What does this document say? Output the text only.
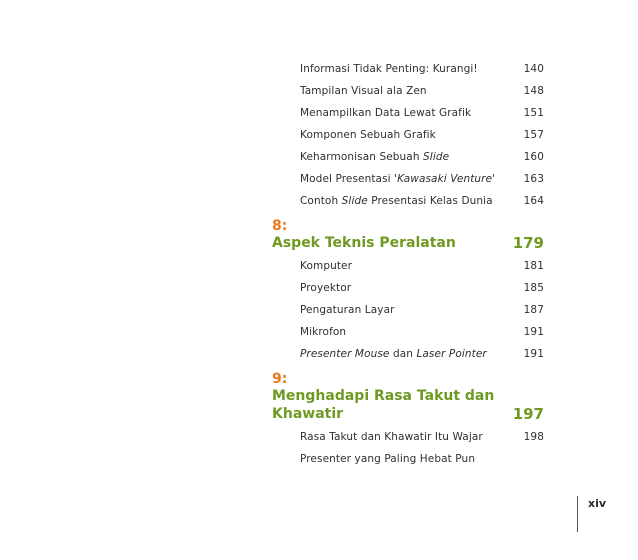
Informasi Tidak Penting: Kurangi!	140
Tampilan Visual ala Zen	148
Menampilkan Data Lewat Grafik	151
Komponen Sebuah Grafik	157
Keharmonisan Sebuah Slide	160
Model Presentasi 'Kawasaki Venture'	163
Contoh Slide Presentasi Kelas Dunia	164
8:
Aspek Teknis Peralatan	179
Komputer	181
Proyektor	185
Pengaturan Layar	187
Mikrofon	191
Presenter Mouse dan Laser Pointer	191
9:
Menghadapi Rasa Takut dan
Khawatir	197
Rasa Takut dan Khawatir Itu Wajar	198
Presenter yang Paling Hebat Pun
xiv
